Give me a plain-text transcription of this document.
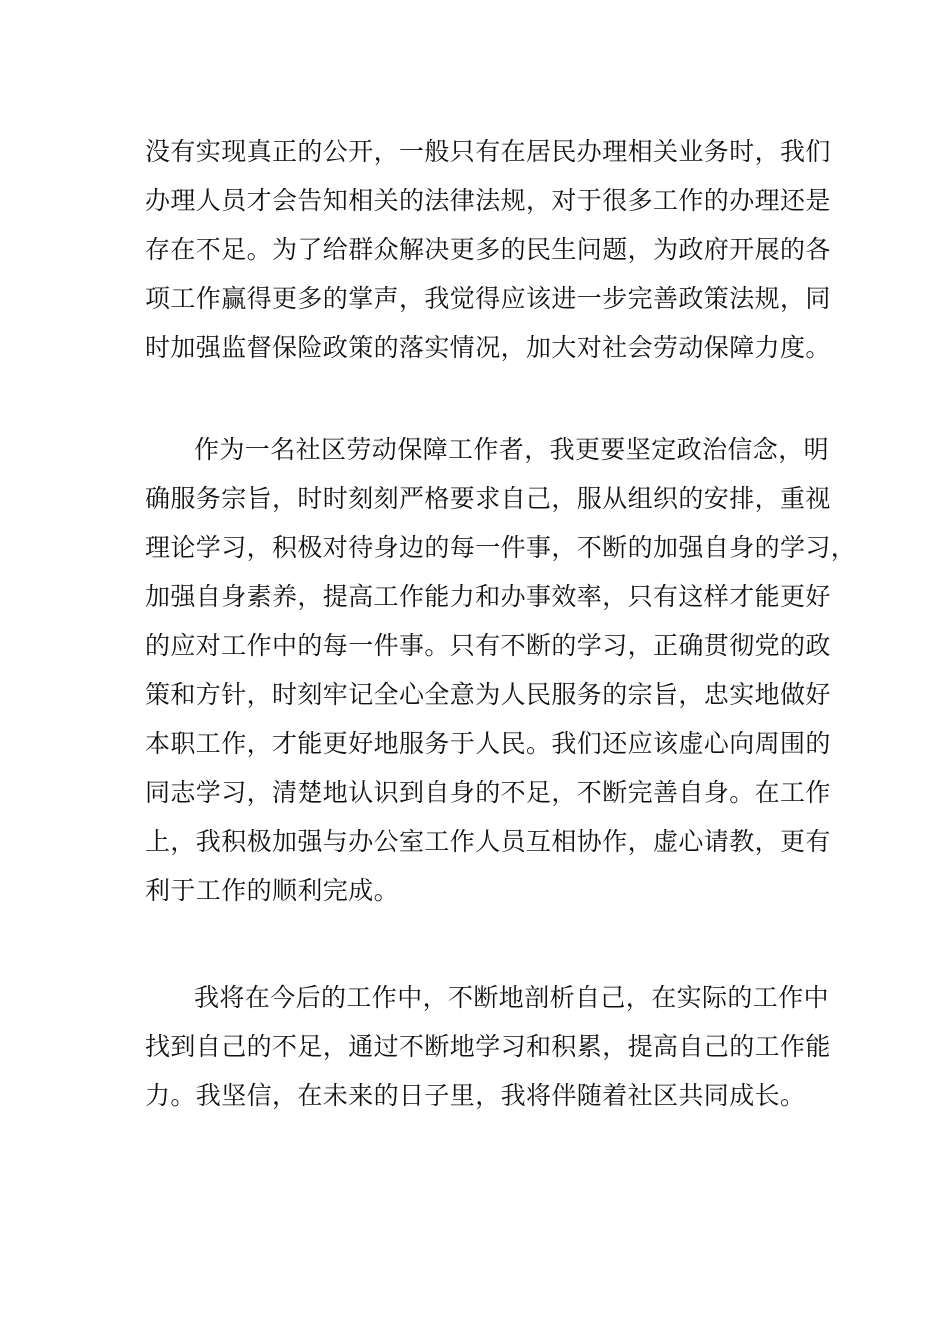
没有实现真正的公开，一般只有在居民办理相关业务时，我们

办理人员才会告知相关的法律法规，对于很多工作的办理还是

存在不足。为了给群众解决更多的民生问题，为政府开展的各

项工作赢得更多的掌声，我觉得应该进一步完善政策法规，同

时加强监督保险政策的落实情况，加大对社会劳动保障力度。

作为一名社区劳动保障工作者，我更要坚定政治信念，明

确服务宗旨，时时刻刻严格要求自己，服从组织的安排，重视

理论学习，积极对待身边的每一件事，不断的加强自身的学习，

加强自身素养，提高工作能力和办事效率，只有这样才能更好

的应对工作中的每一件事。只有不断的学习，正确贯彻党的政

策和方针，时刻牢记全心全意为人民服务的宗旨，忠实地做好

本职工作，才能更好地服务于人民。我们还应该虚心向周围的

同志学习，清楚地认识到自身的不足，不断完善自身。在工作

上，我积极加强与办公室工作人员互相协作，虚心请教，更有

利于工作的顺利完成。

我将在今后的工作中，不断地剖析自己，在实际的工作中

找到自己的不足，通过不断地学习和积累，提高自己的工作能

力。我坚信，在未来的日子里，我将伴随着社区共同成长。
